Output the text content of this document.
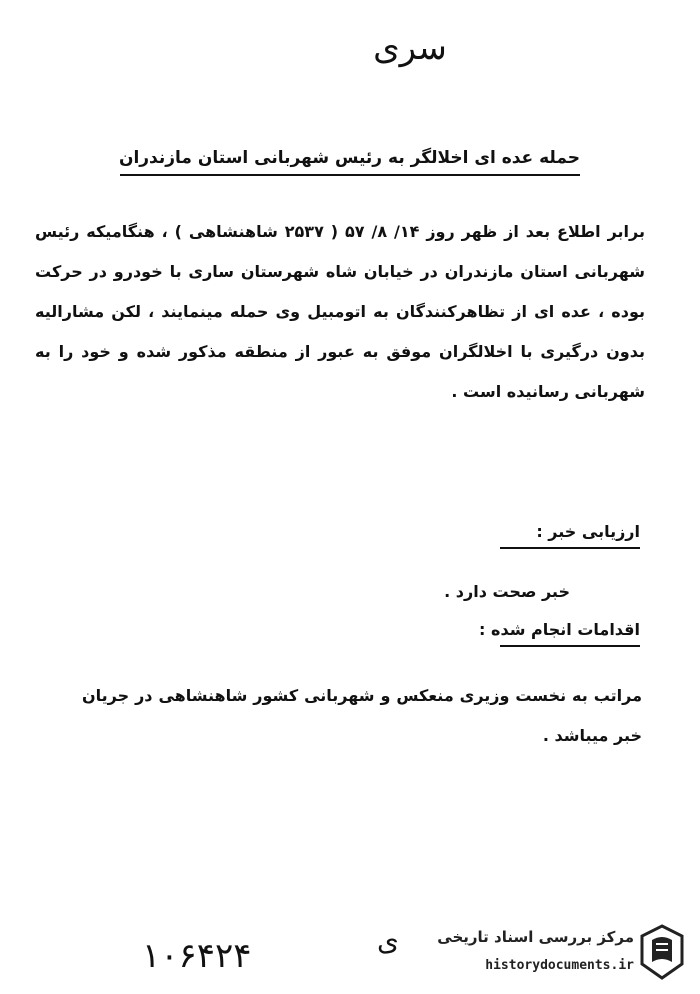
سری
حمله عده ای اخلالگر به رئیس شهربانی استان مازندران
برابر اطلاع بعد از ظهر روز ۱۴/ ۸/ ۵۷ ( ۲۵۳۷ شاهنشاهی ) ، هنگامیکه رئیس شهربانی استان مازندران در خیابان شاه شهرستان ساری با خودرو در حرکت بوده ، عده ای از تظاهرکنندگان به اتومبیل وی حمله مینمایند ، لکن مشارالیه بدون درگیری با اخلالگران موفق به عبور از منطقه مذکور شده و خود را به شهربانی رسانیده است .
ارزیابی خبر :
خبر صحت دارد .
اقدامات انجام شده :
مراتب به نخست وزیری منعکس و شهربانی کشور شاهنشاهی در جریان خبر میباشد .
۱۰۶۴۲۴	ی	مرکز بررسی اسناد تاریخی
historydocuments.ir
